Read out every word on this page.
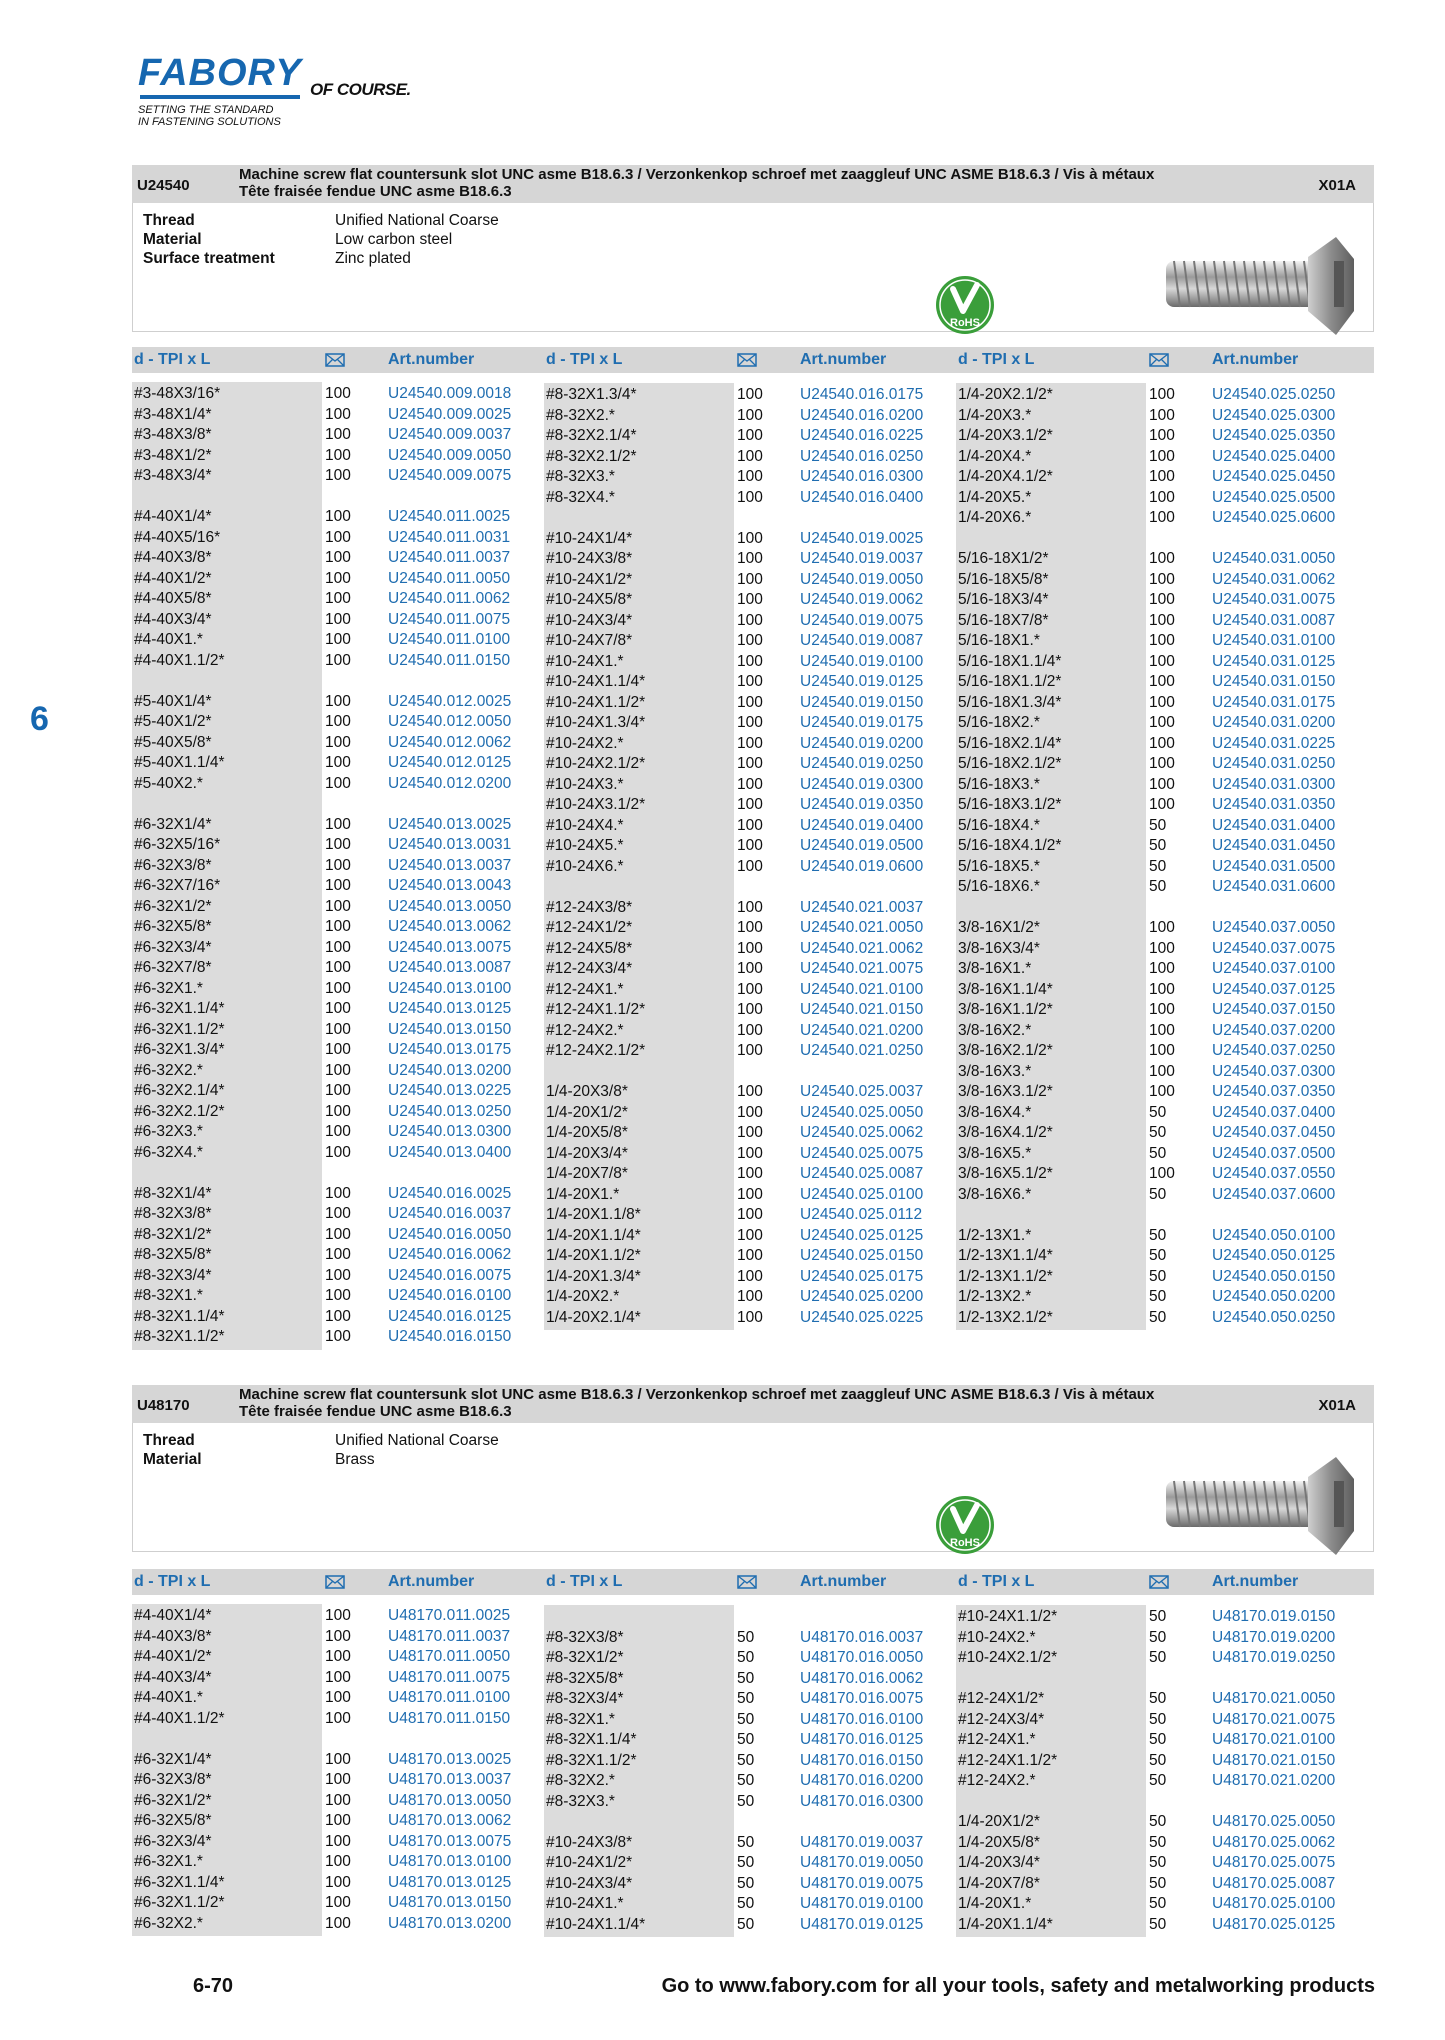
FABORY OF COURSE.
SETTING THE STANDARD
IN FASTENING SOLUTIONS
6
U24540
Machine screw flat countersunk slot UNC asme B18.6.3 / Verzonkenkop schroef met zaaggleuf UNC ASME B18.6.3 / Vis à métaux
Tête fraisée fendue UNC asme B18.6.3	X01A
Thread	Unified National Coarse
Material	Low carbon steel
Surface treatment	Zinc plated
RoHS
d - TPI x L	Art.number	d - TPI x L	Art.number	d - TPI x L	Art.number
#3-48X3/16*	100 U24540.009.0018
#3-48X1/4*	100 U24540.009.0025
#3-48X3/8*	100 U24540.009.0037
#3-48X1/2*	100 U24540.009.0050
#3-48X3/4*	100 U24540.009.0075
#4-40X1/4*	100 U24540.011.0025
#4-40X5/16*	100 U24540.011.0031
#4-40X3/8*	100 U24540.011.0037
#4-40X1/2*	100 U24540.011.0050
#4-40X5/8*	100 U24540.011.0062
#4-40X3/4*	100 U24540.011.0075
#4-40X1.*	100 U24540.011.0100
#4-40X1.1/2*	100 U24540.011.0150
#5-40X1/4*	100 U24540.012.0025
#5-40X1/2*	100 U24540.012.0050
#5-40X5/8*	100 U24540.012.0062
#5-40X1.1/4*	100 U24540.012.0125
#5-40X2.*	100 U24540.012.0200
#6-32X1/4*	100 U24540.013.0025
#6-32X5/16*	100 U24540.013.0031
#6-32X3/8*	100 U24540.013.0037
#6-32X7/16*	100 U24540.013.0043
#6-32X1/2*	100 U24540.013.0050
#6-32X5/8*	100 U24540.013.0062
#6-32X3/4*	100 U24540.013.0075
#6-32X7/8*	100 U24540.013.0087
#6-32X1.*	100 U24540.013.0100
#6-32X1.1/4*	100 U24540.013.0125
#6-32X1.1/2*	100 U24540.013.0150
#6-32X1.3/4*	100 U24540.013.0175
#6-32X2.*	100 U24540.013.0200
#6-32X2.1/4*	100 U24540.013.0225
#6-32X2.1/2*	100 U24540.013.0250
#6-32X3.*	100 U24540.013.0300
#6-32X4.*	100 U24540.013.0400
#8-32X1/4*	100 U24540.016.0025
#8-32X3/8*	100 U24540.016.0037
#8-32X1/2*	100 U24540.016.0050
#8-32X5/8*	100 U24540.016.0062
#8-32X3/4*	100 U24540.016.0075
#8-32X1.*	100 U24540.016.0100
#8-32X1.1/4*	100 U24540.016.0125
#8-32X1.1/2*	100 U24540.016.0150
#8-32X1.3/4*	100 U24540.016.0175
#8-32X2.*	100 U24540.016.0200
#8-32X2.1/4*	100 U24540.016.0225
#8-32X2.1/2*	100 U24540.016.0250
#8-32X3.*	100 U24540.016.0300
#8-32X4.*	100 U24540.016.0400
#10-24X1/4*	100 U24540.019.0025
#10-24X3/8*	100 U24540.019.0037
#10-24X1/2*	100 U24540.019.0050
#10-24X5/8*	100 U24540.019.0062
#10-24X3/4*	100 U24540.019.0075
#10-24X7/8*	100 U24540.019.0087
#10-24X1.*	100 U24540.019.0100
#10-24X1.1/4*	100 U24540.019.0125
#10-24X1.1/2*	100 U24540.019.0150
#10-24X1.3/4*	100 U24540.019.0175
#10-24X2.*	100 U24540.019.0200
#10-24X2.1/2*	100 U24540.019.0250
#10-24X3.*	100 U24540.019.0300
#10-24X3.1/2*	100 U24540.019.0350
#10-24X4.*	100 U24540.019.0400
#10-24X5.*	100 U24540.019.0500
#10-24X6.*	100 U24540.019.0600
#12-24X3/8*	100 U24540.021.0037
#12-24X1/2*	100 U24540.021.0050
#12-24X5/8*	100 U24540.021.0062
#12-24X3/4*	100 U24540.021.0075
#12-24X1.*	100 U24540.021.0100
#12-24X1.1/2*	100 U24540.021.0150
#12-24X2.*	100 U24540.021.0200
#12-24X2.1/2*	100 U24540.021.0250
1/4-20X3/8*	100 U24540.025.0037
1/4-20X1/2*	100 U24540.025.0050
1/4-20X5/8*	100 U24540.025.0062
1/4-20X3/4*	100 U24540.025.0075
1/4-20X7/8*	100 U24540.025.0087
1/4-20X1.*	100 U24540.025.0100
1/4-20X1.1/8*	100 U24540.025.0112
1/4-20X1.1/4*	100 U24540.025.0125
1/4-20X1.1/2*	100 U24540.025.0150
1/4-20X1.3/4*	100 U24540.025.0175
1/4-20X2.*	100 U24540.025.0200
1/4-20X2.1/4*	100 U24540.025.0225
1/4-20X2.1/2*	100 U24540.025.0250
1/4-20X3.*	100 U24540.025.0300
1/4-20X3.1/2*	100 U24540.025.0350
1/4-20X4.*	100 U24540.025.0400
1/4-20X4.1/2*	100 U24540.025.0450
1/4-20X5.*	100 U24540.025.0500
1/4-20X6.*	100 U24540.025.0600
5/16-18X1/2*	100 U24540.031.0050
5/16-18X5/8*	100 U24540.031.0062
5/16-18X3/4*	100 U24540.031.0075
5/16-18X7/8*	100 U24540.031.0087
5/16-18X1.*	100 U24540.031.0100
5/16-18X1.1/4*	100 U24540.031.0125
5/16-18X1.1/2*	100 U24540.031.0150
5/16-18X1.3/4*	100 U24540.031.0175
5/16-18X2.*	100 U24540.031.0200
5/16-18X2.1/4*	100 U24540.031.0225
5/16-18X2.1/2*	100 U24540.031.0250
5/16-18X3.*	100 U24540.031.0300
5/16-18X3.1/2*	100 U24540.031.0350
5/16-18X4.*	50	U24540.031.0400
5/16-18X4.1/2*	50	U24540.031.0450
5/16-18X5.*	50	U24540.031.0500
5/16-18X6.*	50	U24540.031.0600
3/8-16X1/2*	100 U24540.037.0050
3/8-16X3/4*	100 U24540.037.0075
3/8-16X1.*	100 U24540.037.0100
3/8-16X1.1/4*	100 U24540.037.0125
3/8-16X1.1/2*	100 U24540.037.0150
3/8-16X2.*	100 U24540.037.0200
3/8-16X2.1/2*	100 U24540.037.0250
3/8-16X3.*	100 U24540.037.0300
3/8-16X3.1/2*	100 U24540.037.0350
3/8-16X4.*	50	U24540.037.0400
3/8-16X4.1/2*	50	U24540.037.0450
3/8-16X5.*	50	U24540.037.0500
3/8-16X5.1/2*	100 U24540.037.0550
3/8-16X6.*	50	U24540.037.0600
1/2-13X1.*	50	U24540.050.0100
1/2-13X1.1/4*	50	U24540.050.0125
1/2-13X1.1/2*	50	U24540.050.0150
1/2-13X2.*	50	U24540.050.0200
1/2-13X2.1/2*	50	U24540.050.0250
U48170
Machine screw flat countersunk slot UNC asme B18.6.3 / Verzonkenkop schroef met zaaggleuf UNC ASME B18.6.3 / Vis à métaux
Tête fraisée fendue UNC asme B18.6.3	X01A
Thread	Unified National Coarse
Material	Brass
RoHS
d - TPI x L	Art.number	d - TPI x L	Art.number	d - TPI x L	Art.number
#4-40X1/4*	100 U48170.011.0025
#4-40X3/8*	100 U48170.011.0037
#4-40X1/2*	100 U48170.011.0050
#4-40X3/4*	100 U48170.011.0075
#4-40X1.*	100 U48170.011.0100
#4-40X1.1/2*	100 U48170.011.0150
#6-32X1/4*	100 U48170.013.0025
#6-32X3/8*	100 U48170.013.0037
#6-32X1/2*	100 U48170.013.0050
#6-32X5/8*	100 U48170.013.0062
#6-32X3/4*	100 U48170.013.0075
#6-32X1.*	100 U48170.013.0100
#6-32X1.1/4*	100 U48170.013.0125
#6-32X1.1/2*	100 U48170.013.0150
#6-32X2.*	100 U48170.013.0200
#8-32X3/8*	50	U48170.016.0037
#8-32X1/2*	50	U48170.016.0050
#8-32X5/8*	50	U48170.016.0062
#8-32X3/4*	50	U48170.016.0075
#8-32X1.*	50	U48170.016.0100
#8-32X1.1/4*	50	U48170.016.0125
#8-32X1.1/2*	50	U48170.016.0150
#8-32X2.*	50	U48170.016.0200
#8-32X3.*	50	U48170.016.0300
#10-24X3/8*	50	U48170.019.0037
#10-24X1/2*	50	U48170.019.0050
#10-24X3/4*	50	U48170.019.0075
#10-24X1.*	50	U48170.019.0100
#10-24X1.1/4*	50	U48170.019.0125
#10-24X1.1/2*	50	U48170.019.0150
#10-24X2.*	50	U48170.019.0200
#10-24X2.1/2*	50	U48170.019.0250
#12-24X1/2*	50	U48170.021.0050
#12-24X3/4*	50	U48170.021.0075
#12-24X1.*	50	U48170.021.0100
#12-24X1.1/2*	50	U48170.021.0150
#12-24X2.*	50	U48170.021.0200
1/4-20X1/2*	50	U48170.025.0050
1/4-20X5/8*	50	U48170.025.0062
1/4-20X3/4*	50	U48170.025.0075
1/4-20X7/8*	50	U48170.025.0087
1/4-20X1.*	50	U48170.025.0100
1/4-20X1.1/4*	50	U48170.025.0125
6-70	Go to www.fabory.com for all your tools, safety and metalworking products
